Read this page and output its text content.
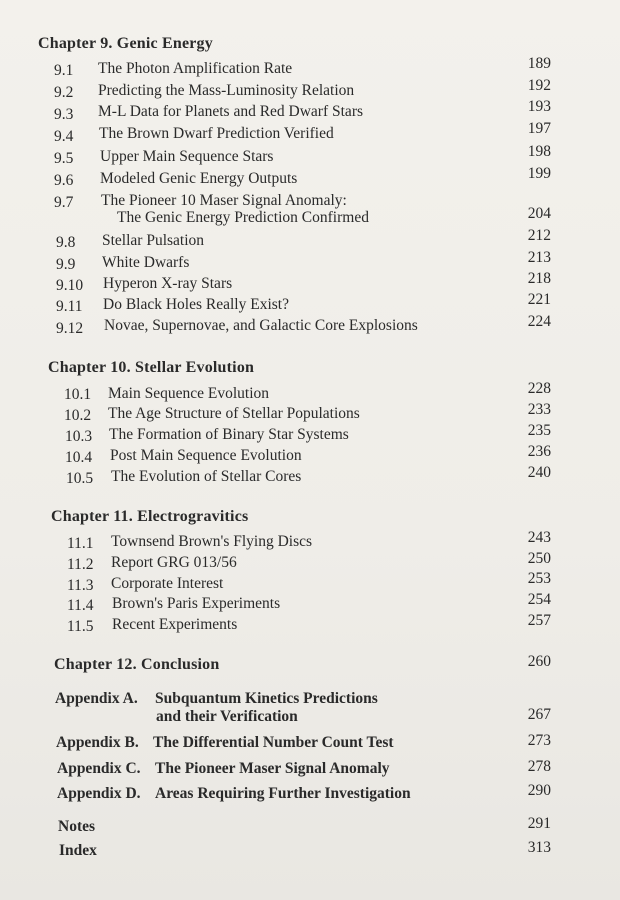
Chapter 9. Genic Energy
9.1 The Photon Amplification Rate	189
9.2 Predicting the Mass-Luminosity Relation	192
9.3 M-L Data for Planets and Red Dwarf Stars	193
9.4 The Brown Dwarf Prediction Verified	197
9.5 Upper Main Sequence Stars	198
9.6 Modeled Genic Energy Outputs	199
9.7 The Pioneer 10 Maser Signal Anomaly:
The Genic Energy Prediction Confirmed	204
9.8 Stellar Pulsation	212
9.9 White Dwarfs	213
9.10 Hyperon X-ray Stars	218
9.11 Do Black Holes Really Exist?	221
9.12 Novae, Supernovae, and Galactic Core Explosions	224
Chapter 10. Stellar Evolution
10.1 Main Sequence Evolution	228
10.2 The Age Structure of Stellar Populations	233
10.3 The Formation of Binary Star Systems	235
10.4 Post Main Sequence Evolution	236
10.5 The Evolution of Stellar Cores	240
Chapter 11. Electrogravitics
11.1 Townsend Brown's Flying Discs	243
11.2 Report GRG 013/56	250
11.3 Corporate Interest	253
11.4 Brown's Paris Experiments	254
11.5 Recent Experiments	257
Chapter 12. Conclusion	260
Appendix A. Subquantum Kinetics Predictions
and their Verification	267
Appendix B. The Differential Number Count Test	273
Appendix C. The Pioneer Maser Signal Anomaly	278
Appendix D. Areas Requiring Further Investigation	290
Notes	291
Index	313
